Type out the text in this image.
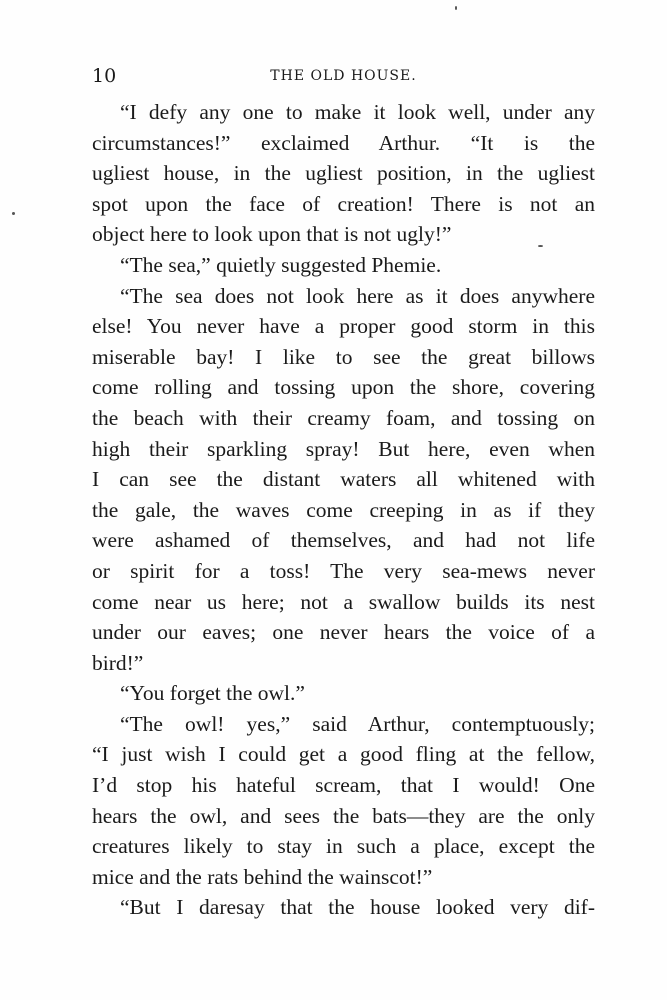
10	THE OLD HOUSE.
“I defy any one to make it look well, under any
circumstances!” exclaimed Arthur. “It is the
ugliest house, in the ugliest position, in the ugliest
spot upon the face of creation! There is not an
object here to look upon that is not ugly!”
“The sea,” quietly suggested Phemie.
“The sea does not look here as it does anywhere
else! You never have a proper good storm in this
miserable bay! I like to see the great billows
come rolling and tossing upon the shore, covering
the beach with their creamy foam, and tossing on
high their sparkling spray! But here, even when
I can see the distant waters all whitened with
the gale, the waves come creeping in as if they
were ashamed of themselves, and had not life
or spirit for a toss! The very sea-mews never
come near us here; not a swallow builds its nest
under our eaves; one never hears the voice of a
bird!”
“You forget the owl.”
“The owl! yes,” said Arthur, contemptuously;
“I just wish I could get a good fling at the fellow,
I’d stop his hateful scream, that I would! One
hears the owl, and sees the bats—they are the only
creatures likely to stay in such a place, except the
mice and the rats behind the wainscot!”
“But I daresay that the house looked very dif-
